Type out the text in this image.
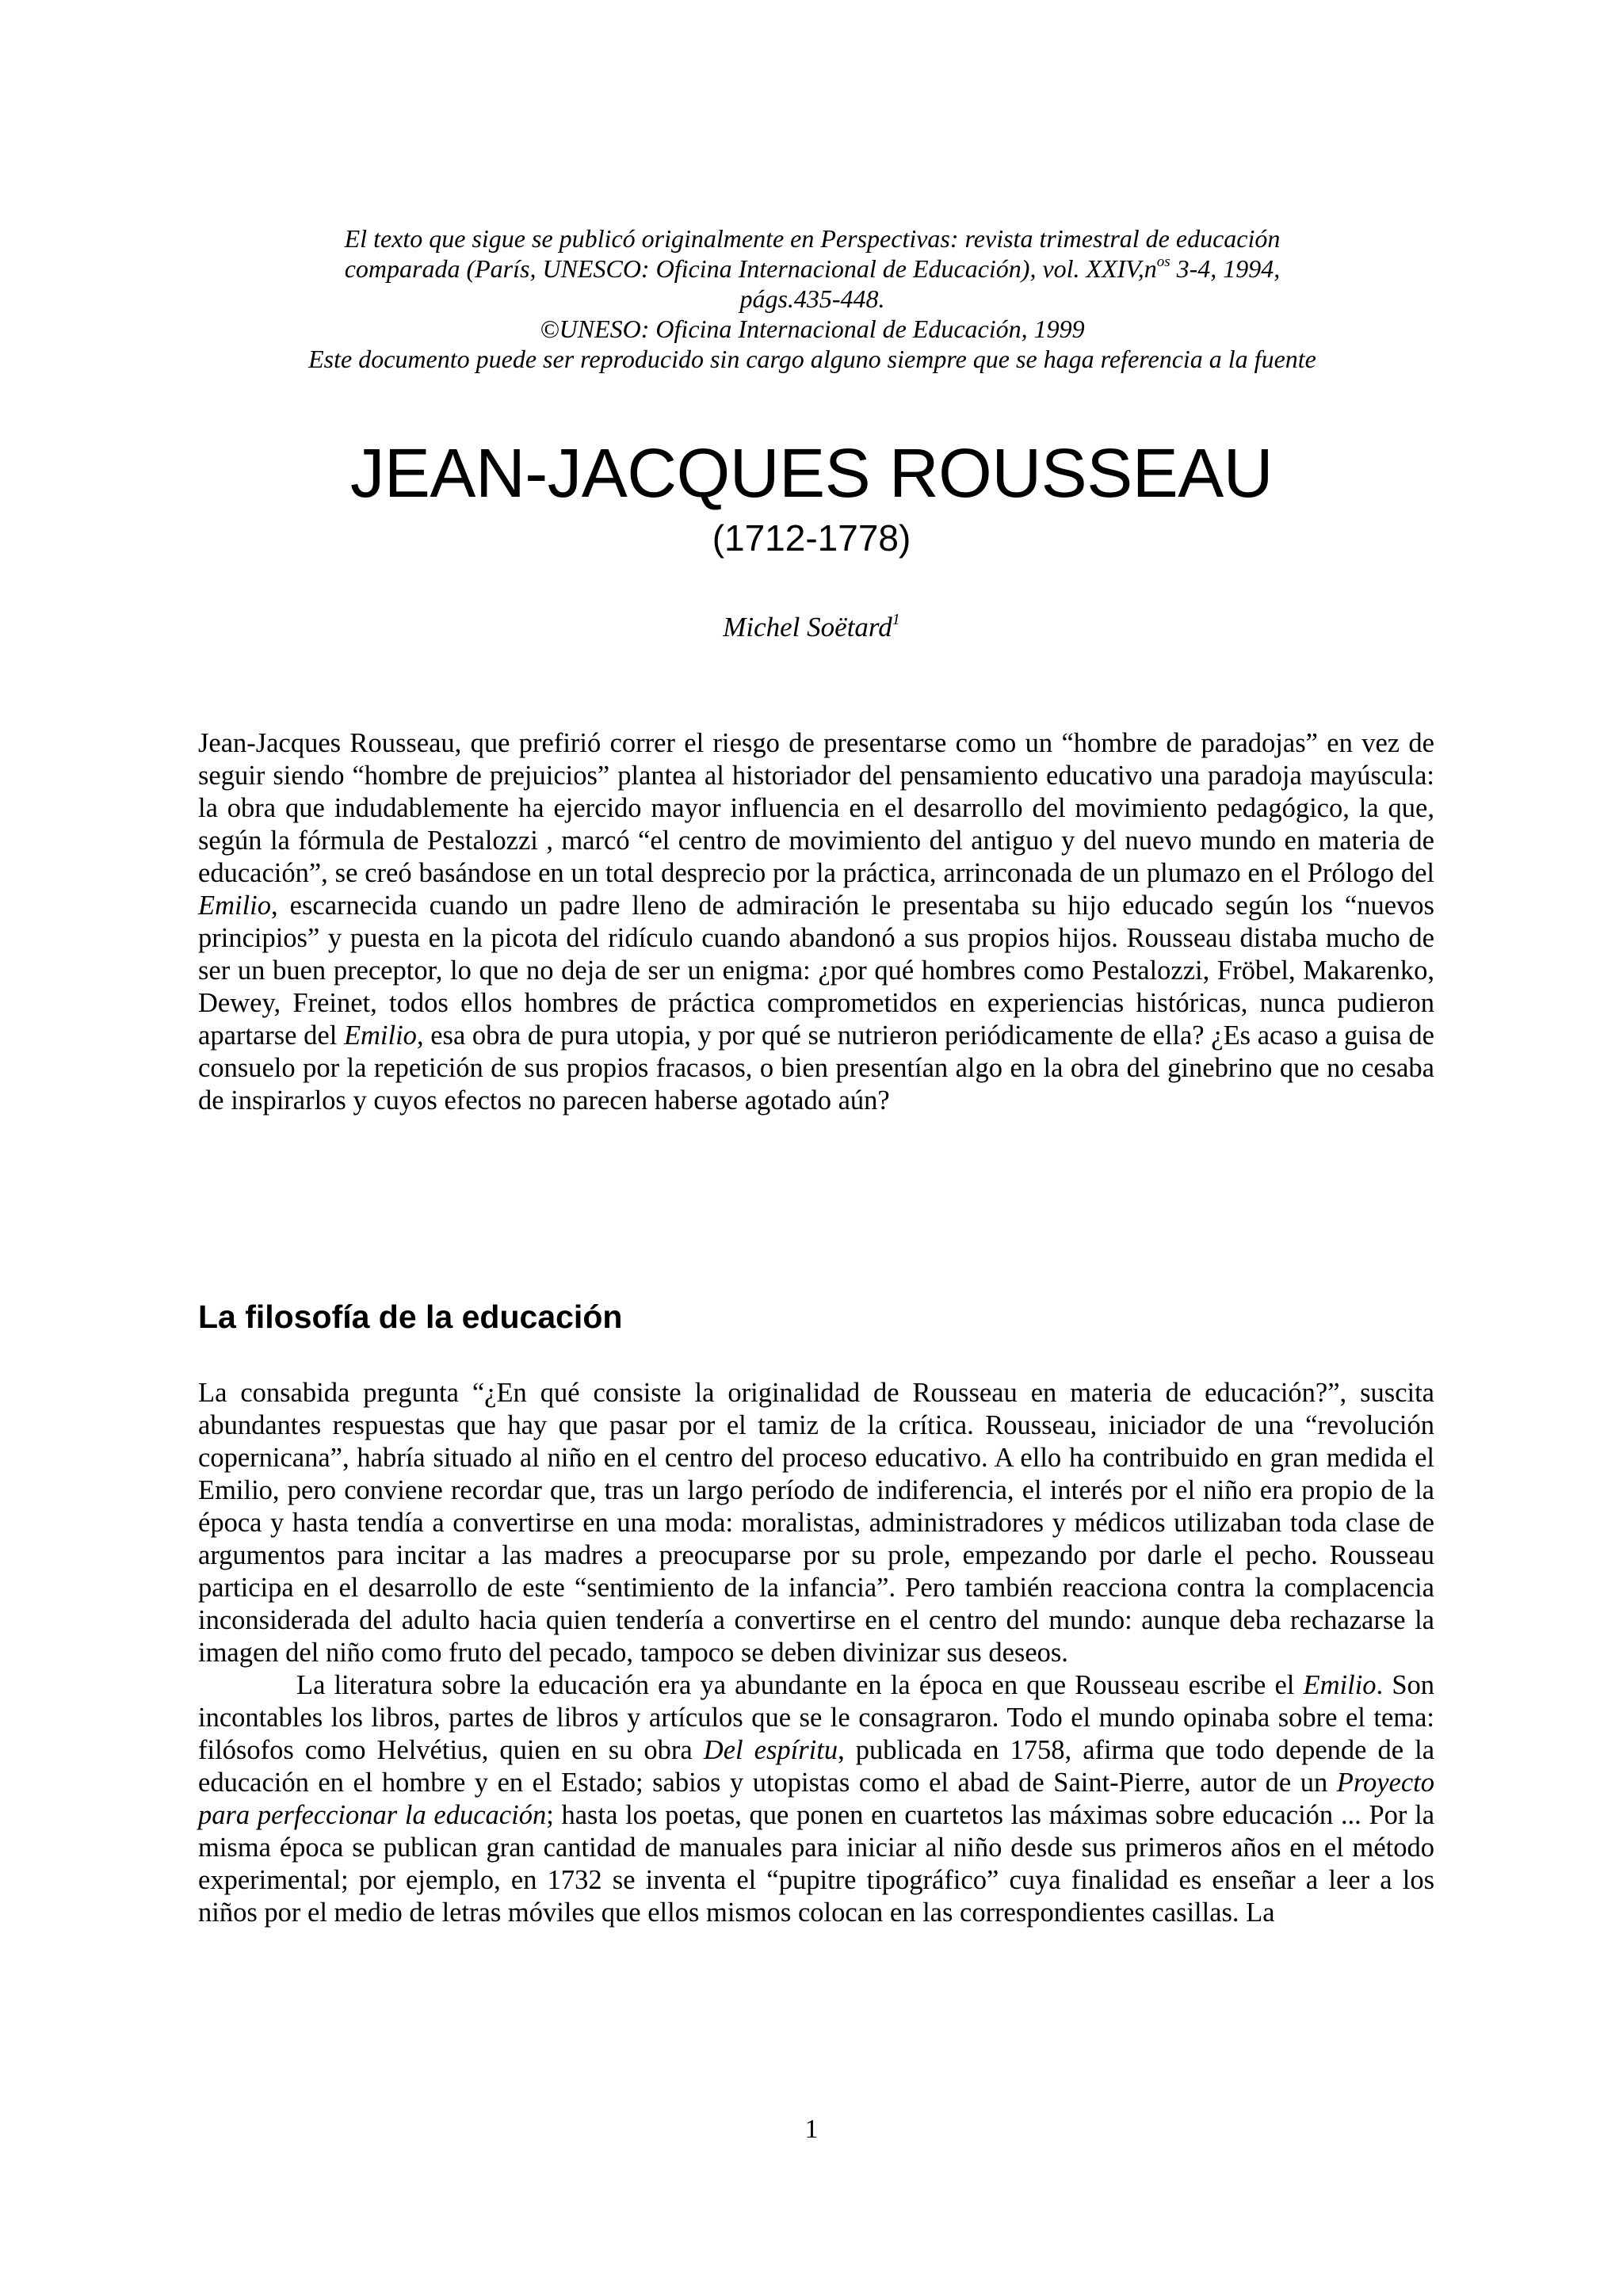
El texto que sigue se publicó originalmente en Perspectivas: revista trimestral de educación
comparada (París, UNESCO: Oficina Internacional de Educación), vol. $XXIV,n^{os}$ 3-4, 1994,
págs.435-448.
©UNESO: Oficina Internacional de Educación, 1999
Este documento puede ser reproducido sin cargo alguno siempre que se haga referencia a la fuente
JEAN-JACQUES ROUSSEAU
(1712-1778)
Michel Soëtard$^1$

Jean-Jacques Rousseau, que prefirió correr el riesgo de presentarse como un “hombre de paradojas” en vez de seguir siendo “hombre de prejuicios” plantea al historiador del pensamiento educativo una paradoja mayúscula: la obra que indudablemente ha ejercido mayor influencia en el desarrollo del movimiento pedagógico, la que, según la fórmula de Pestalozzi , marcó “el centro de movimiento del antiguo y del nuevo mundo en materia de educación”, se creó basándose en un total desprecio por la práctica, arrinconada de un plumazo en el Prólogo del Emilio, escarnecida cuando un padre lleno de admiración le presentaba su hijo educado según los “nuevos principios” y puesta en la picota del ridículo cuando abandonó a sus propios hijos. Rousseau distaba mucho de ser un buen preceptor, lo que no deja de ser un enigma: ¿por qué hombres como Pestalozzi, Fröbel, Makarenko, Dewey, Freinet, todos ellos hombres de práctica comprometidos en experiencias históricas, nunca pudieron apartarse del Emilio, esa obra de pura utopia, y por qué se nutrieron periódicamente de ella? ¿Es acaso a guisa de consuelo por la repetición de sus propios fracasos, o bien presentían algo en la obra del ginebrino que no cesaba de inspirarlos y cuyos efectos no parecen haberse agotado aún?

La filosofía de la educación

La consabida pregunta “¿En qué consiste la originalidad de Rousseau en materia de educación?”, suscita abundantes respuestas que hay que pasar por el tamiz de la crítica. Rousseau, iniciador de una “revolución copernicana”, habría situado al niño en el centro del proceso educativo. A ello ha contribuido en gran medida el Emilio, pero conviene recordar que, tras un largo período de indiferencia, el interés por el niño era propio de la época y hasta tendía a convertirse en una moda: moralistas, administradores y médicos utilizaban toda clase de argumentos para incitar a las madres a preocuparse por su prole, empezando por darle el pecho. Rousseau participa en el desarrollo de este “sentimiento de la infancia”. Pero también reacciona contra la complacencia inconsiderada del adulto hacia quien tendería a convertirse en el centro del mundo: aunque deba rechazarse la imagen del niño como fruto del pecado, tampoco se deben divinizar sus deseos.

La literatura sobre la educación era ya abundante en la época en que Rousseau escribe el Emilio. Son incontables los libros, partes de libros y artículos que se le consagraron. Todo el mundo opinaba sobre el tema: filósofos como Helvétius, quien en su obra Del espíritu, publicada en 1758, afirma que todo depende de la educación en el hombre y en el Estado; sabios y utopistas como el abad de Saint-Pierre, autor de un Proyecto para perfeccionar la educación; hasta los poetas, que ponen en cuartetos las máximas sobre educación ... Por la misma época se publican gran cantidad de manuales para iniciar al niño desde sus primeros años en el método experimental; por ejemplo, en 1732 se inventa el “pupitre tipográfico” cuya finalidad es enseñar a leer a los niños por el medio de letras móviles que ellos mismos colocan en las correspondientes casillas. La

1
